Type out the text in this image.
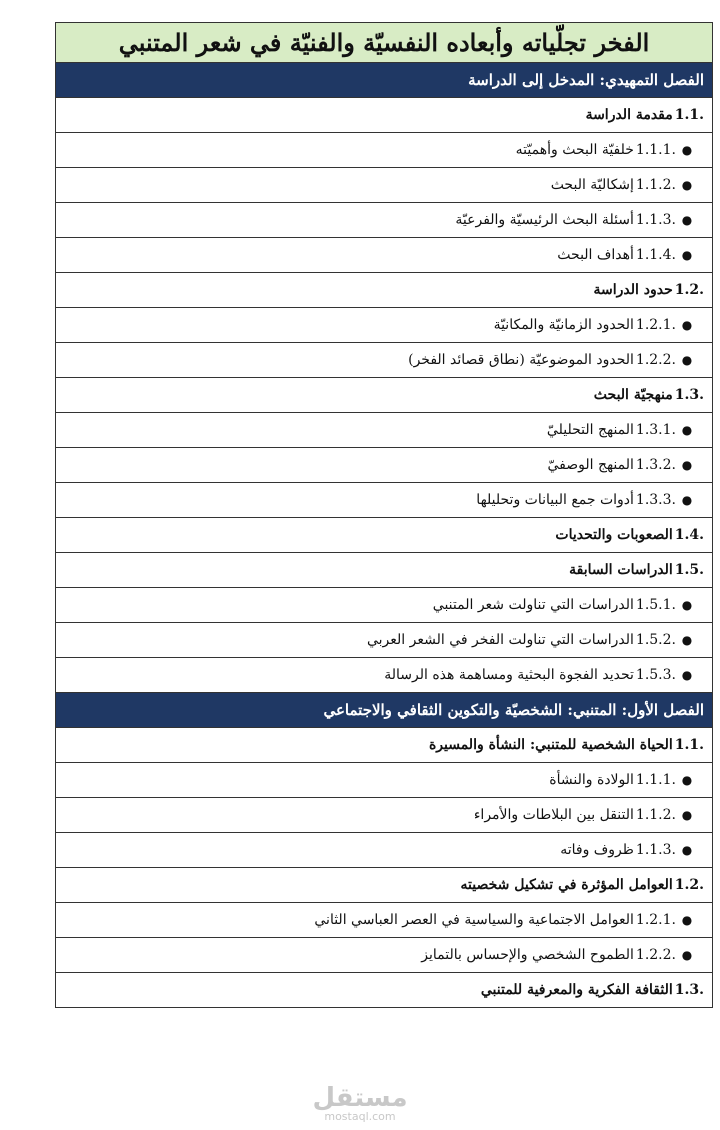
الفخر تجلّياته وأبعاده النفسيّة والفنيّة في شعر المتنبي
الفصل التمهيدي: المدخل إلى الدراسة
1.1.
مقدمة الدراسة
●
1.1.1.
خلفيّة البحث وأهميّته
●
1.1.2.
إشكاليّة البحث
●
1.1.3.
أسئلة البحث الرئيسيّة والفرعيّة
●
1.1.4.
أهداف البحث
1.2.
حدود الدراسة
●
1.2.1.
الحدود الزمانيّة والمكانيّة
●
1.2.2.
الحدود الموضوعيّة (نطاق قصائد الفخر)
1.3.
منهجيّة البحث
●
1.3.1.
المنهج التحليليّ
●
1.3.2.
المنهج الوصفيّ
●
1.3.3.
أدوات جمع البيانات وتحليلها
1.4.
الصعوبات والتحديات
1.5.
الدراسات السابقة
●
1.5.1.
الدراسات التي تناولت شعر المتنبي
●
1.5.2.
الدراسات التي تناولت الفخر في الشعر العربي
●
1.5.3.
تحديد الفجوة البحثية ومساهمة هذه الرسالة
الفصل الأول: المتنبي: الشخصيّة والتكوين الثقافي والاجتماعي
1.1.
الحياة الشخصية للمتنبي: النشأة والمسيرة
●
1.1.1.
الولادة والنشأة
●
1.1.2.
التنقل بين البلاطات والأمراء
●
1.1.3.
ظروف وفاته
1.2.
العوامل المؤثرة في تشكيل شخصيته
●
1.2.1.
العوامل الاجتماعية والسياسية في العصر العباسي الثاني
●
1.2.2.
الطموح الشخصي والإحساس بالتمايز
1.3.
الثقافة الفكرية والمعرفية للمتنبي
مستقل
mostaql.com
